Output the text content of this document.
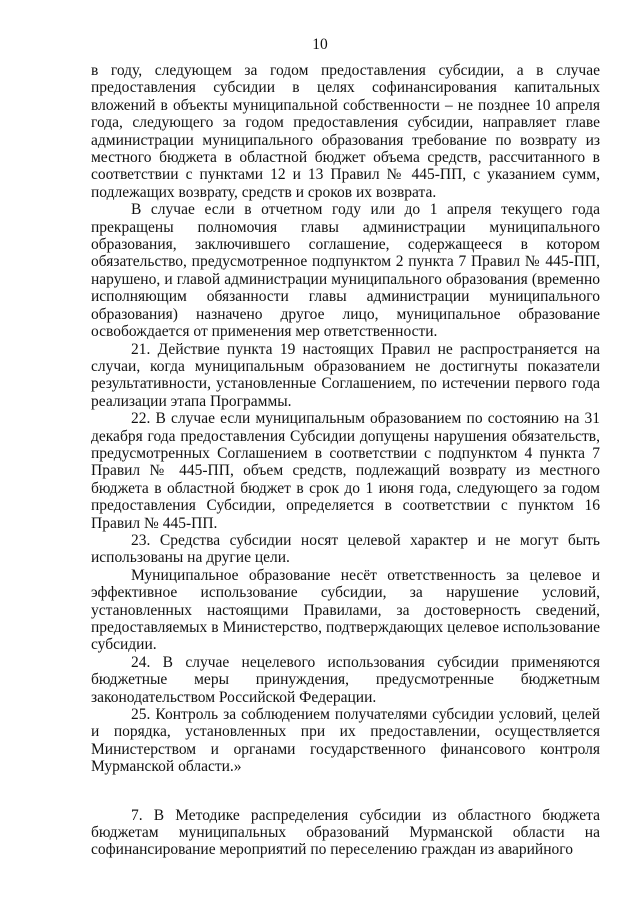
10

в году, следующем за годом предоставления субсидии, а в случае предоставления субсидии в целях софинансирования капитальных вложений в объекты муниципальной собственности – не позднее 10 апреля года, следующего за годом предоставления субсидии, направляет главе администрации муниципального образования требование по возврату из местного бюджета в областной бюджет объема средств, рассчитанного в соответствии с пунктами 12 и 13 Правил № 445-ПП, с указанием сумм, подлежащих возврату, средств и сроков их возврата.

В случае если в отчетном году или до 1 апреля текущего года прекращены полномочия главы администрации муниципального образования, заключившего соглашение, содержащееся в котором обязательство, предусмотренное подпунктом 2 пункта 7 Правил № 445-ПП, нарушено, и главой администрации муниципального образования (временно исполняющим обязанности главы администрации муниципального образования) назначено другое лицо, муниципальное образование освобождается от применения мер ответственности.

21. Действие пункта 19 настоящих Правил не распространяется на случаи, когда муниципальным образованием не достигнуты показатели результативности, установленные Соглашением, по истечении первого года реализации этапа Программы.

22. В случае если муниципальным образованием по состоянию на 31 декабря года предоставления Субсидии допущены нарушения обязательств, предусмотренных Соглашением в соответствии с подпунктом 4 пункта 7 Правил № 445-ПП, объем средств, подлежащий возврату из местного бюджета в областной бюджет в срок до 1 июня года, следующего за годом предоставления Субсидии, определяется в соответствии с пунктом 16 Правил № 445-ПП.

23. Средства субсидии носят целевой характер и не могут быть использованы на другие цели.

Муниципальное образование несёт ответственность за целевое и эффективное использование субсидии, за нарушение условий, установленных настоящими Правилами, за достоверность сведений, предоставляемых в Министерство, подтверждающих целевое использование субсидии.

24. В случае нецелевого использования субсидии применяются бюджетные меры принуждения, предусмотренные бюджетным законодательством Российской Федерации.

25. Контроль за соблюдением получателями субсидии условий, целей и порядка, установленных при их предоставлении, осуществляется Министерством и органами государственного финансового контроля Мурманской области.»

7. В Методике распределения субсидии из областного бюджета бюджетам муниципальных образований Мурманской области на софинансирование мероприятий по переселению граждан из аварийного
